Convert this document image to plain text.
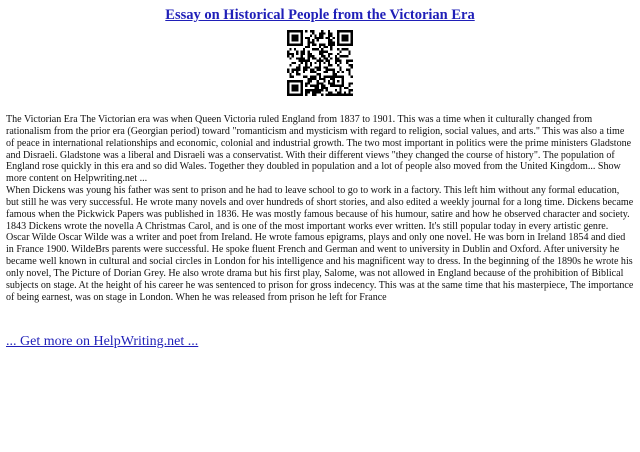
Essay on Historical People from the Victorian Era

The Victorian Era The Victorian era was when Queen Victoria ruled England from 1837 to 1901. This was a time when it culturally changed from rationalism from the prior era (Georgian period) toward "romanticism and mysticism with regard to religion, social values, and arts." This was also a time of peace in international relationships and economic, colonial and industrial growth. The two most important in politics were the prime ministers Gladstone and Disraeli. Gladstone was a liberal and Disraeli was a conservatist. With their different views "they changed the course of history". The population of England rose quickly in this era and so did Wales. Together they doubled in population and a lot of people also moved from the United Kingdom... Show more content on Helpwriting.net ...

When Dickens was young his father was sent to prison and he had to leave school to go to work in a factory. This left him without any formal education, but still he was very successful. He wrote many novels and over hundreds of short stories, and also edited a weekly journal for a long time. Dickens became famous when the Pickwick Papers was published in 1836. He was mostly famous because of his humour, satire and how he observed character and society. 1843 Dickens wrote the novella A Christmas Carol, and is one of the most important works ever written. It's still popular today in every artistic genre. Oscar Wilde Oscar Wilde was a writer and poet from Ireland. He wrote famous epigrams, plays and only one novel. He was born in Ireland 1854 and died in France 1900. WildeBrs parents were successful. He spoke fluent French and German and went to university in Dublin and Oxford. After university he became well known in cultural and social circles in London for his intelligence and his magnificent way to dress. In the beginning of the 1890s he wrote his only novel, The Picture of Dorian Grey. He also wrote drama but his first play, Salome, was not allowed in England because of the prohibition of Biblical subjects on stage. At the height of his career he was sentenced to prison for gross indecency. This was at the same time that his masterpiece, The importance of being earnest, was on stage in London. When he was released from prison he left for France

... Get more on HelpWriting.net ...
